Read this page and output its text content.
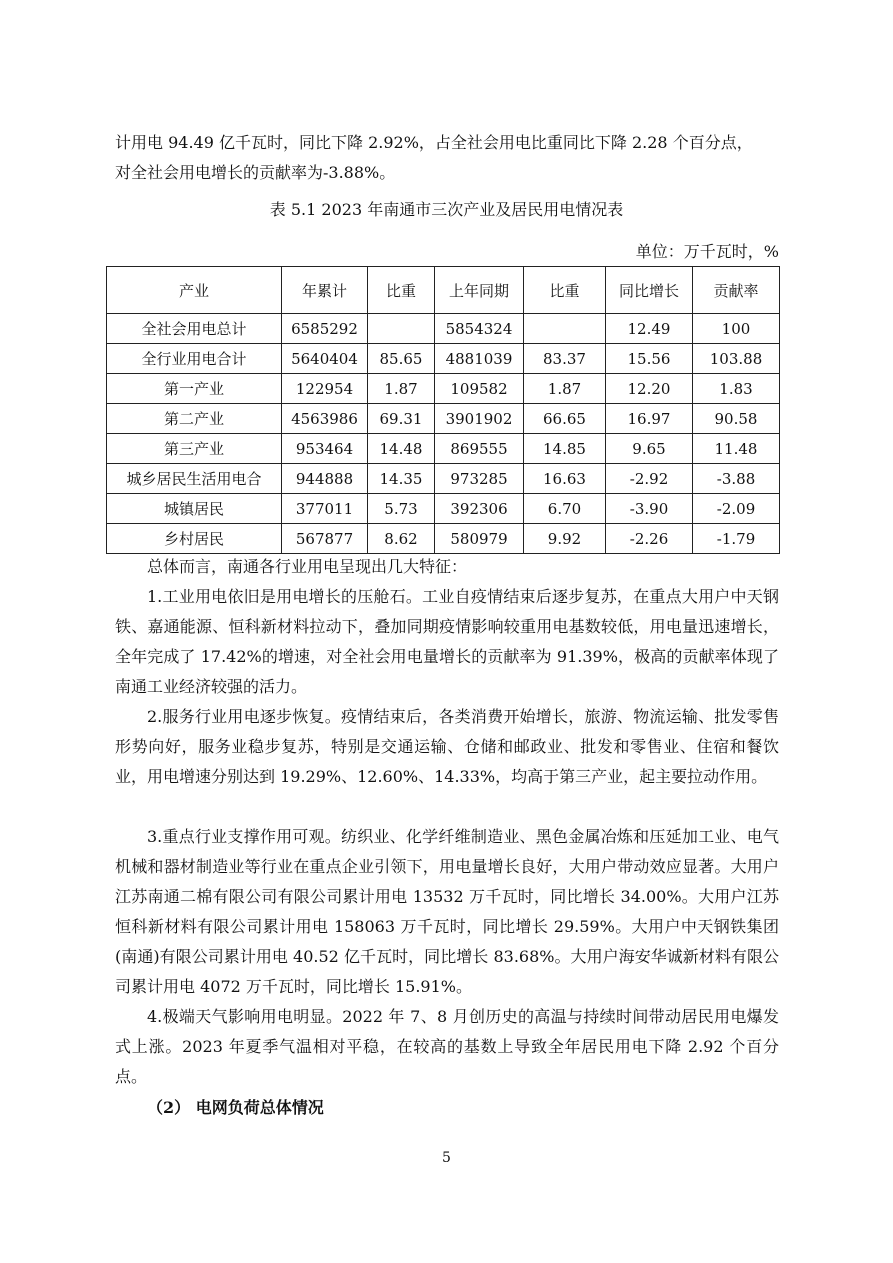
计用电 94.49 亿千瓦时，同比下降 2.92%，占全社会用电比重同比下降 2.28 个百分点，

对全社会用电增长的贡献率为-3.88%。

表 5.1 2023 年南通市三次产业及居民用电情况表
单位：万千瓦时，%
产业	年累计	比重	上年同期	比重	同比增长	贡献率
全社会用电总计	6585292		5854324		12.49	100
全行业用电合计	5640404	85.65	4881039	83.37	15.56	103.88
第一产业	122954	1.87	109582	1.87	12.20	1.83
第二产业	4563986	69.31	3901902	66.65	16.97	90.58
第三产业	953464	14.48	869555	14.85	9.65	11.48
城乡居民生活用电合	944888	14.35	973285	16.63	-2.92	-3.88
城镇居民	377011	5.73	392306	6.70	-3.90	-2.09
乡村居民	567877	8.62	580979	9.92	-2.26	-1.79

总体而言，南通各行业用电呈现出几大特征：

1.工业用电依旧是用电增长的压舱石。工业自疫情结束后逐步复苏，在重点大用户中天钢铁、嘉通能源、恒科新材料拉动下，叠加同期疫情影响较重用电基数较低，用电量迅速增长，全年完成了 17.42%的增速，对全社会用电量增长的贡献率为 91.39%，极高的贡献率体现了南通工业经济较强的活力。

2.服务行业用电逐步恢复。疫情结束后，各类消费开始增长，旅游、物流运输、批发零售形势向好，服务业稳步复苏，特别是交通运输、仓储和邮政业、批发和零售业、住宿和餐饮业，用电增速分别达到 19.29%、12.60%、14.33%，均高于第三产业，起主要拉动作用。

3.重点行业支撑作用可观。纺织业、化学纤维制造业、黑色金属冶炼和压延加工业、电气机械和器材制造业等行业在重点企业引领下，用电量增长良好，大用户带动效应显著。大用户江苏南通二棉有限公司有限公司累计用电 13532 万千瓦时，同比增长 34.00%。大用户江苏恒科新材料有限公司累计用电 158063 万千瓦时，同比增长 29.59%。大用户中天钢铁集团(南通)有限公司累计用电 40.52 亿千瓦时，同比增长 83.68%。大用户海安华诚新材料有限公司累计用电 4072 万千瓦时，同比增长 15.91%。

4.极端天气影响用电明显。2022 年 7、8 月创历史的高温与持续时间带动居民用电爆发式上涨。2023 年夏季气温相对平稳，在较高的基数上导致全年居民用电下降 2.92 个百分点。

（2） 电网负荷总体情况
5
